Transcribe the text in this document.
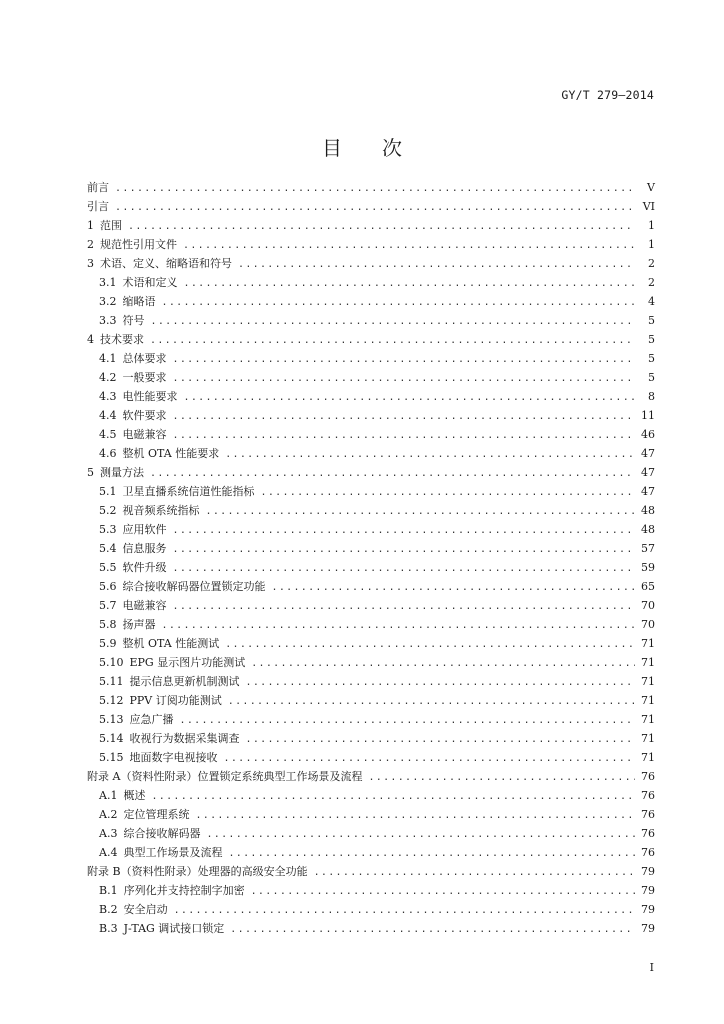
GY/T 279—2014
目次
前言 .....	V
引言 .....	VI
1 范围 .....	1
2 规范性引用文件 .....	1
3 术语、定义、缩略语和符号 .....	2
3.1 术语和定义 .....	2
3.2 缩略语 .....	4
3.3 符号 .....	5
4 技术要求 .....	5
4.1 总体要求 .....	5
4.2 一般要求 .....	5
4.3 电性能要求 .....	8
4.4 软件要求 .....	11
4.5 电磁兼容 .....	46
4.6 整机 OTA 性能要求 .....	47
5 测量方法 .....	47
5.1 卫星直播系统信道性能指标 .....	47
5.2 视音频系统指标 .....	48
5.3 应用软件 .....	48
5.4 信息服务 .....	57
5.5 软件升级 .....	59
5.6 综合接收解码器位置锁定功能 .....	65
5.7 电磁兼容 .....	70
5.8 扬声器 .....	70
5.9 整机 OTA 性能测试 .....	71
5.10 EPG 显示图片功能测试 .....	71
5.11 提示信息更新机制测试 .....	71
5.12 PPV 订阅功能测试 .....	71
5.13 应急广播 .....	71
5.14 收视行为数据采集调查 .....	71
5.15 地面数字电视接收 .....	71
附录 A（资料性附录）位置锁定系统典型工作场景及流程 .....	76
A.1 概述 .....	76
A.2 定位管理系统 .....	76
A.3 综合接收解码器 .....	76
A.4 典型工作场景及流程 .....	76
附录 B（资料性附录）处理器的高级安全功能 .....	79
B.1 序列化并支持控制字加密 .....	79
B.2 安全启动 .....	79
B.3 J-TAG 调试接口锁定 .....	79
I
